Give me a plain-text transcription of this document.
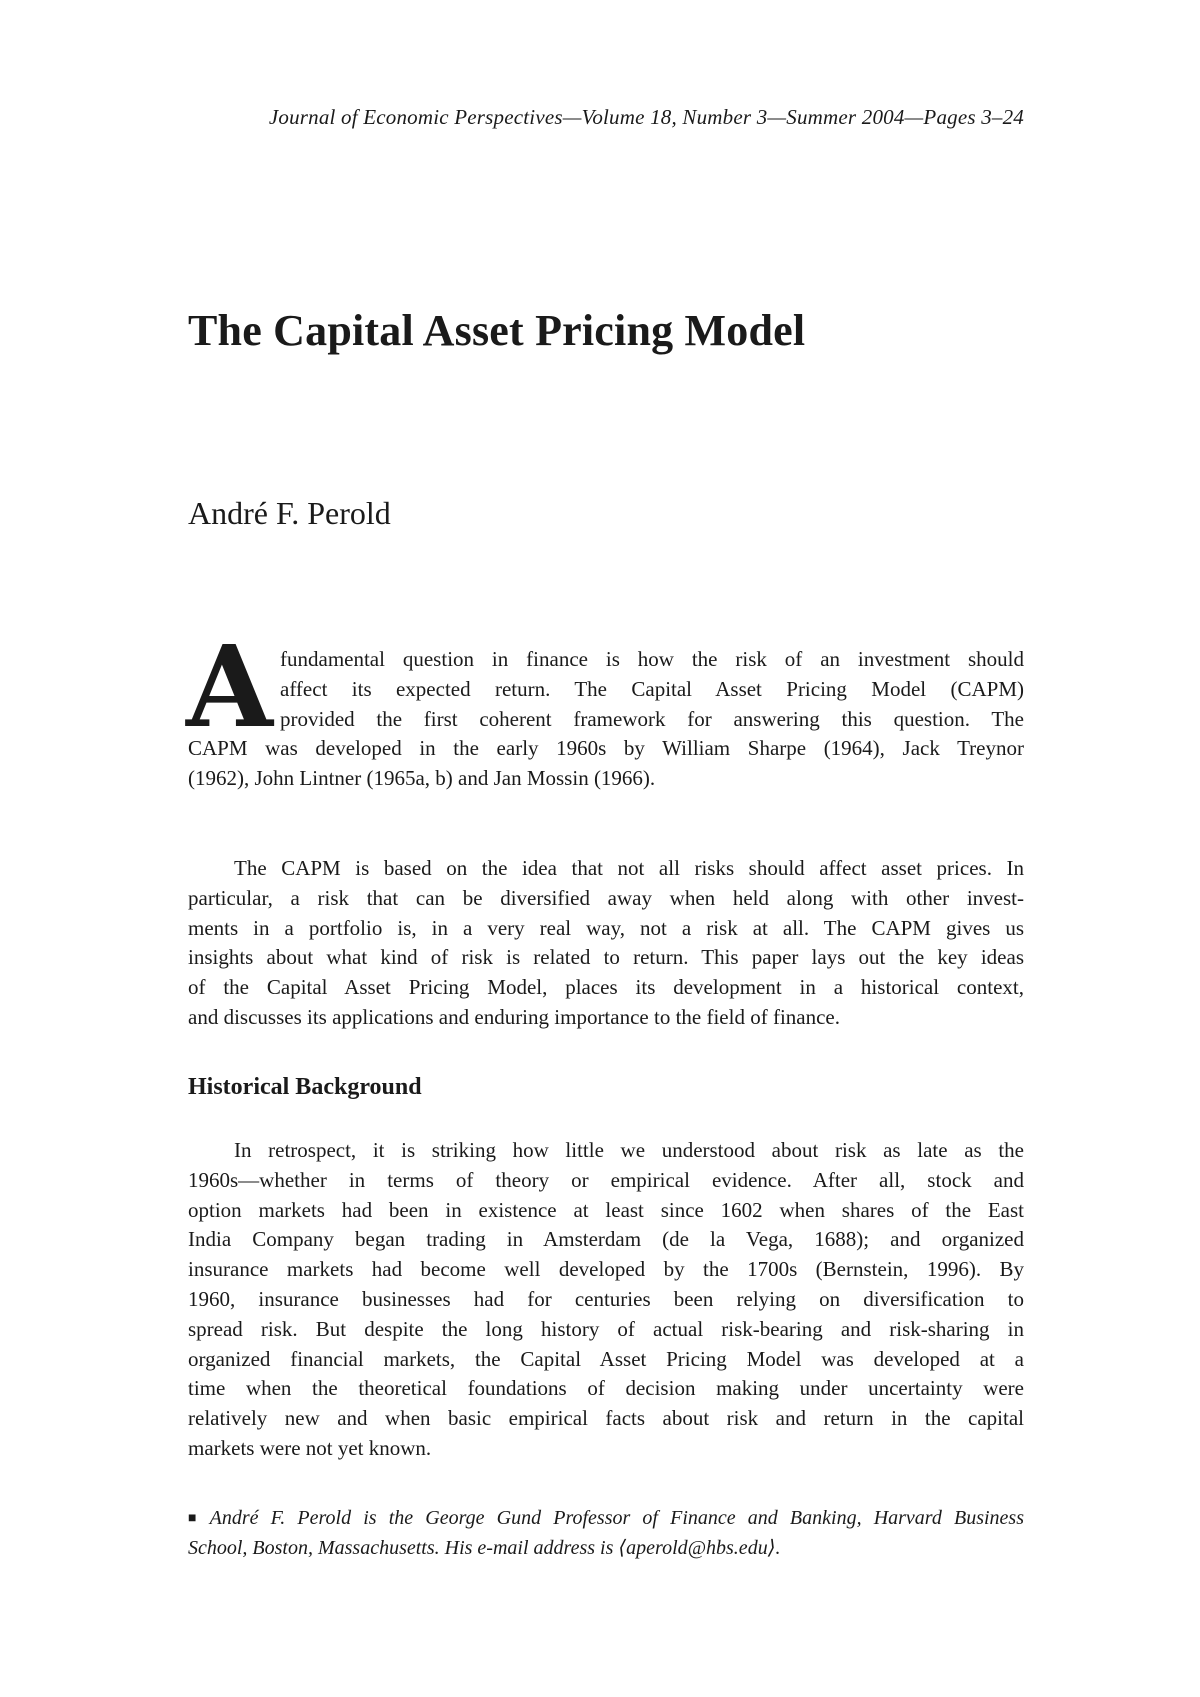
Journal of Economic Perspectives—Volume 18, Number 3—Summer 2004—Pages 3–24
The Capital Asset Pricing Model
André F. Perold
A fundamental question in finance is how the risk of an investment should
affect its expected return. The Capital Asset Pricing Model (CAPM)
provided the first coherent framework for answering this question. The
CAPM was developed in the early 1960s by William Sharpe (1964), Jack Treynor
(1962), John Lintner (1965a, b) and Jan Mossin (1966).
The CAPM is based on the idea that not all risks should affect asset prices. In
particular, a risk that can be diversified away when held along with other invest-
ments in a portfolio is, in a very real way, not a risk at all. The CAPM gives us
insights about what kind of risk is related to return. This paper lays out the key ideas
of the Capital Asset Pricing Model, places its development in a historical context,
and discusses its applications and enduring importance to the field of finance.
Historical Background
In retrospect, it is striking how little we understood about risk as late as the
1960s—whether in terms of theory or empirical evidence. After all, stock and
option markets had been in existence at least since 1602 when shares of the East
India Company began trading in Amsterdam (de la Vega, 1688); and organized
insurance markets had become well developed by the 1700s (Bernstein, 1996). By
1960, insurance businesses had for centuries been relying on diversification to
spread risk. But despite the long history of actual risk-bearing and risk-sharing in
organized financial markets, the Capital Asset Pricing Model was developed at a
time when the theoretical foundations of decision making under uncertainty were
relatively new and when basic empirical facts about risk and return in the capital
markets were not yet known.
■ André F. Perold is the George Gund Professor of Finance and Banking, Harvard Business
School, Boston, Massachusetts. His e-mail address is ⟨aperold@hbs.edu⟩.
